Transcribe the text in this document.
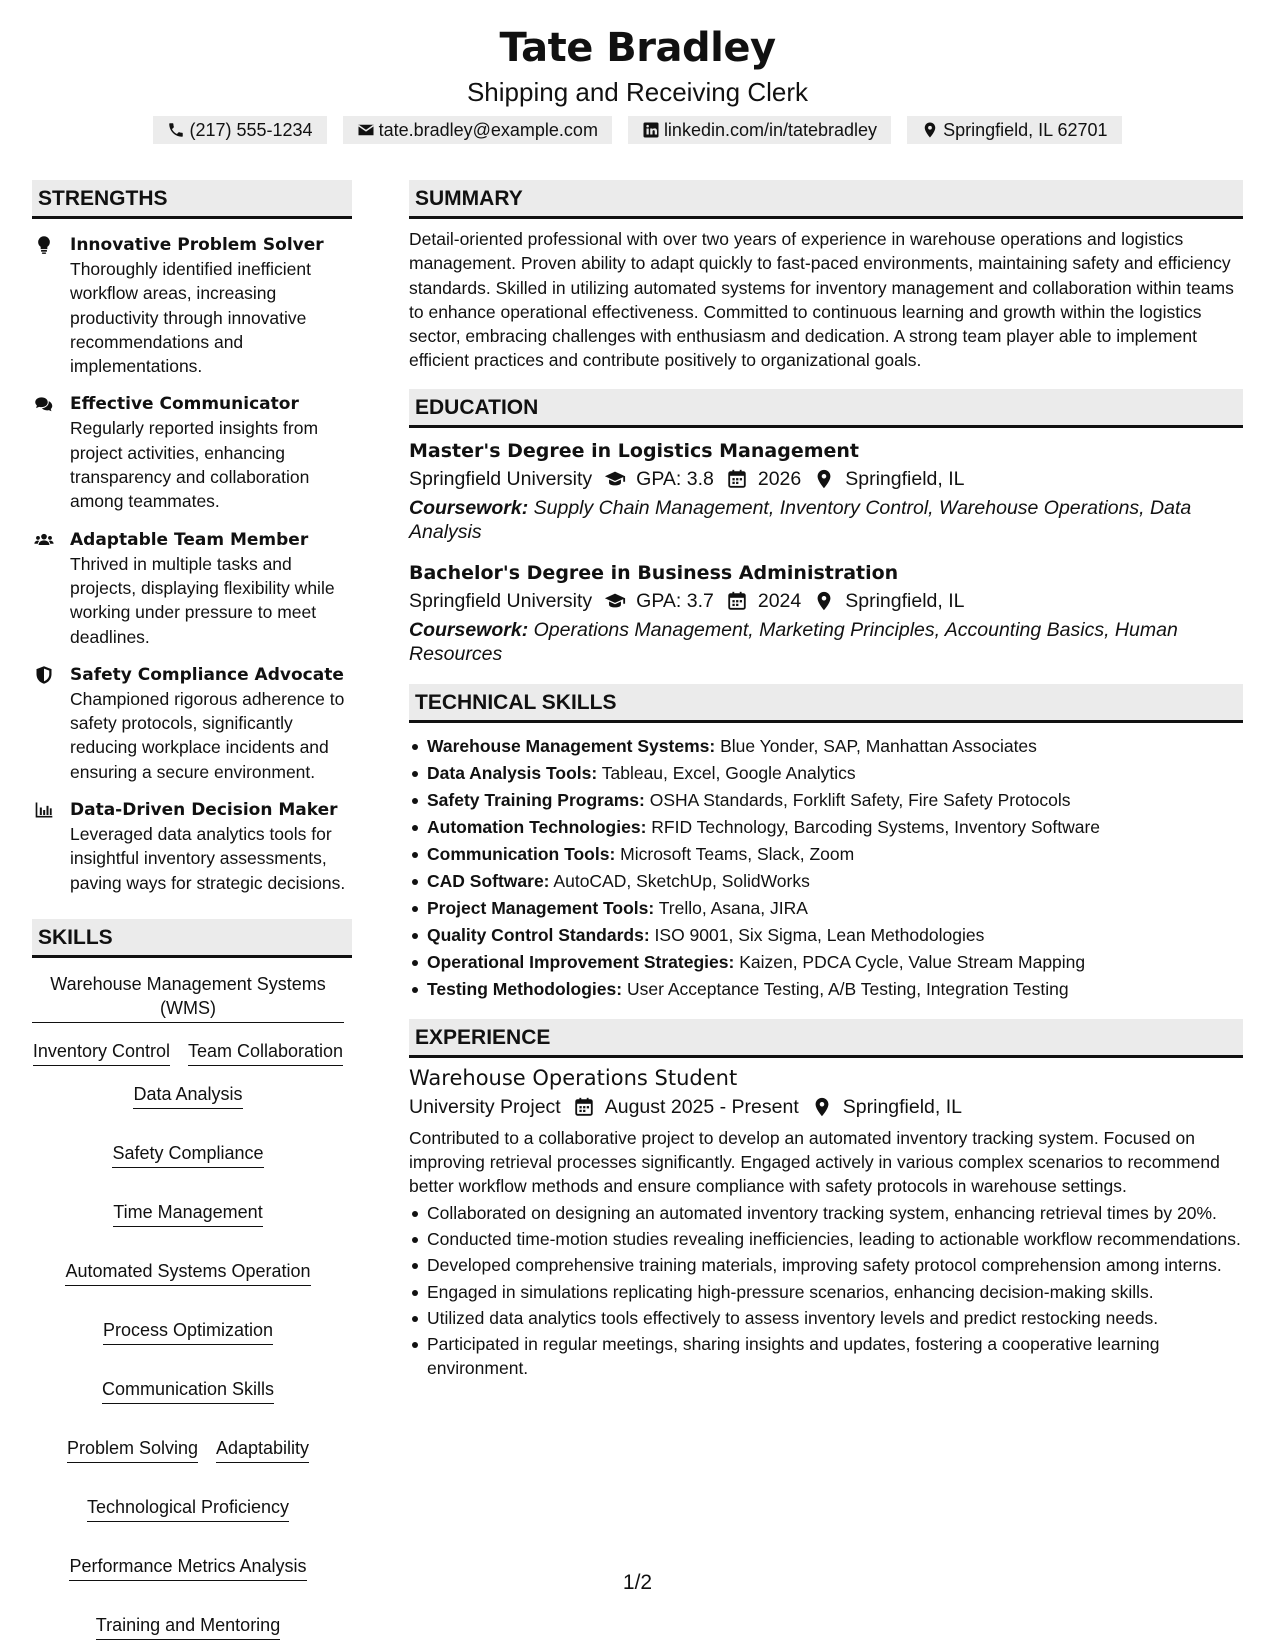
Tate Bradley
Shipping and Receiving Clerk
(217) 555-1234	tate.bradley@example.com	linkedin.com/in/tatebradley	Springfield, IL 62701
STRENGTHS
Innovative Problem Solver
Thoroughly identified inefficient workflow areas, increasing productivity through innovative recommendations and implementations.
Effective Communicator
Regularly reported insights from project activities, enhancing transparency and collaboration among teammates.
Adaptable Team Member
Thrived in multiple tasks and projects, displaying flexibility while working under pressure to meet deadlines.
Safety Compliance Advocate
Championed rigorous adherence to safety protocols, significantly reducing workplace incidents and ensuring a secure environment.
Data-Driven Decision Maker
Leveraged data analytics tools for insightful inventory assessments, paving ways for strategic decisions.
SKILLS
Warehouse Management Systems (WMS)
Inventory Control Team Collaboration
Data Analysis
Safety Compliance
Time Management
Automated Systems Operation
Process Optimization
Communication Skills
Problem Solving Adaptability
Technological Proficiency
Performance Metrics Analysis
Training and Mentoring
SUMMARY
Detail-oriented professional with over two years of experience in warehouse operations and logistics management. Proven ability to adapt quickly to fast-paced environments, maintaining safety and efficiency standards. Skilled in utilizing automated systems for inventory management and collaboration within teams to enhance operational effectiveness. Committed to continuous learning and growth within the logistics sector, embracing challenges with enthusiasm and dedication. A strong team player able to implement efficient practices and contribute positively to organizational goals.
EDUCATION
Master's Degree in Logistics Management
Springfield University GPA: 3.8 2026 Springfield, IL
Coursework: Supply Chain Management, Inventory Control, Warehouse Operations, Data Analysis
Bachelor's Degree in Business Administration
Springfield University GPA: 3.7 2024 Springfield, IL
Coursework: Operations Management, Marketing Principles, Accounting Basics, Human Resources
TECHNICAL SKILLS
Warehouse Management Systems: Blue Yonder, SAP, Manhattan Associates
Data Analysis Tools: Tableau, Excel, Google Analytics
Safety Training Programs: OSHA Standards, Forklift Safety, Fire Safety Protocols
Automation Technologies: RFID Technology, Barcoding Systems, Inventory Software
Communication Tools: Microsoft Teams, Slack, Zoom
CAD Software: AutoCAD, SketchUp, SolidWorks
Project Management Tools: Trello, Asana, JIRA
Quality Control Standards: ISO 9001, Six Sigma, Lean Methodologies
Operational Improvement Strategies: Kaizen, PDCA Cycle, Value Stream Mapping
Testing Methodologies: User Acceptance Testing, A/B Testing, Integration Testing
EXPERIENCE
Warehouse Operations Student
University Project August 2025 - Present Springfield, IL
Contributed to a collaborative project to develop an automated inventory tracking system. Focused on improving retrieval processes significantly. Engaged actively in various complex scenarios to recommend better workflow methods and ensure compliance with safety protocols in warehouse settings.
Collaborated on designing an automated inventory tracking system, enhancing retrieval times by 20%.
Conducted time-motion studies revealing inefficiencies, leading to actionable workflow recommendations.
Developed comprehensive training materials, improving safety protocol comprehension among interns.
Engaged in simulations replicating high-pressure scenarios, enhancing decision-making skills.
Utilized data analytics tools effectively to assess inventory levels and predict restocking needs.
Participated in regular meetings, sharing insights and updates, fostering a cooperative learning environment.
1/2
